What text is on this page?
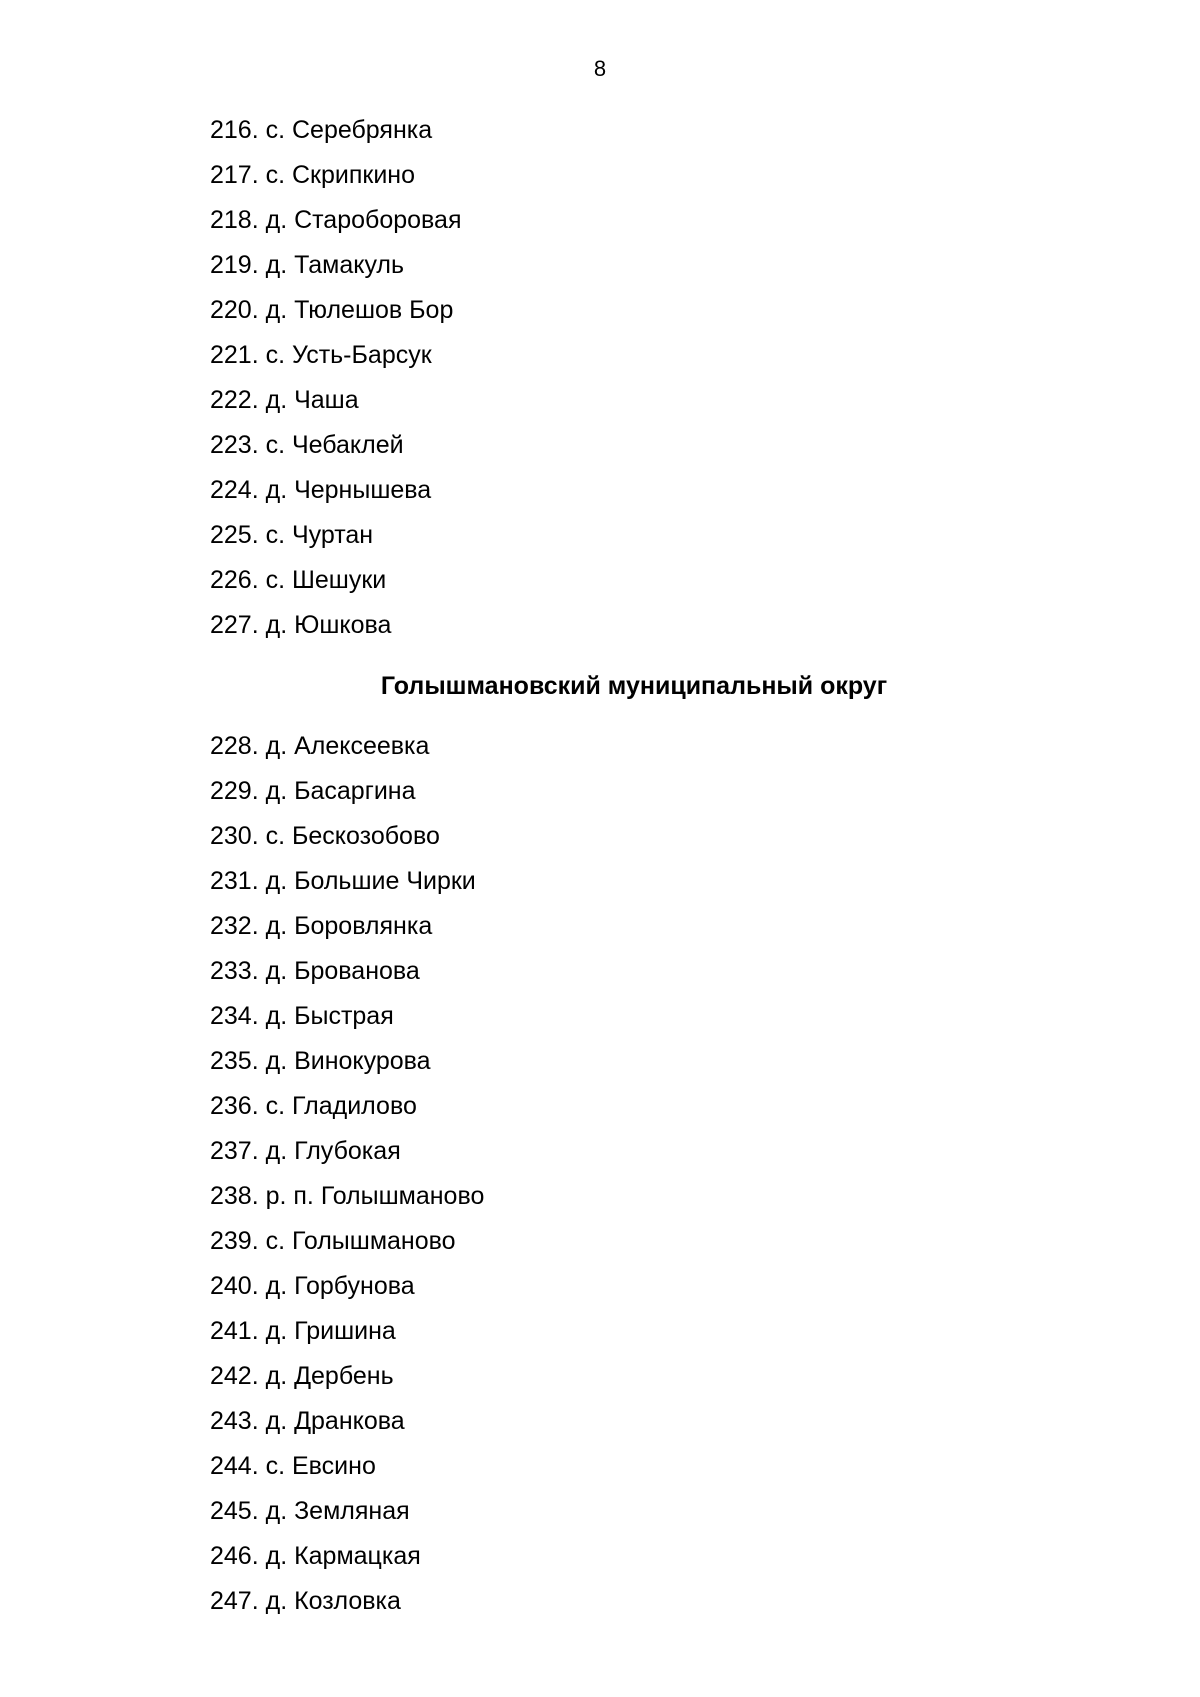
8
216. с. Серебрянка
217. с. Скрипкино
218. д. Староборовая
219. д. Тамакуль
220. д. Тюлешов Бор
221. с. Усть-Барсук
222. д. Чаша
223. с. Чебаклей
224. д. Чернышева
225. с. Чуртан
226. с. Шешуки
227. д. Юшкова
Голышмановский муниципальный округ
228. д. Алексеевка
229. д. Басаргина
230. с. Бескозобово
231. д. Большие Чирки
232. д. Боровлянка
233. д. Брованова
234. д. Быстрая
235. д. Винокурова
236. с. Гладилово
237. д. Глубокая
238. р. п. Голышманово
239. с. Голышманово
240. д. Горбунова
241. д. Гришина
242. д. Дербень
243. д. Дранкова
244. с. Евсино
245. д. Земляная
246. д. Кармацкая
247. д. Козловка
